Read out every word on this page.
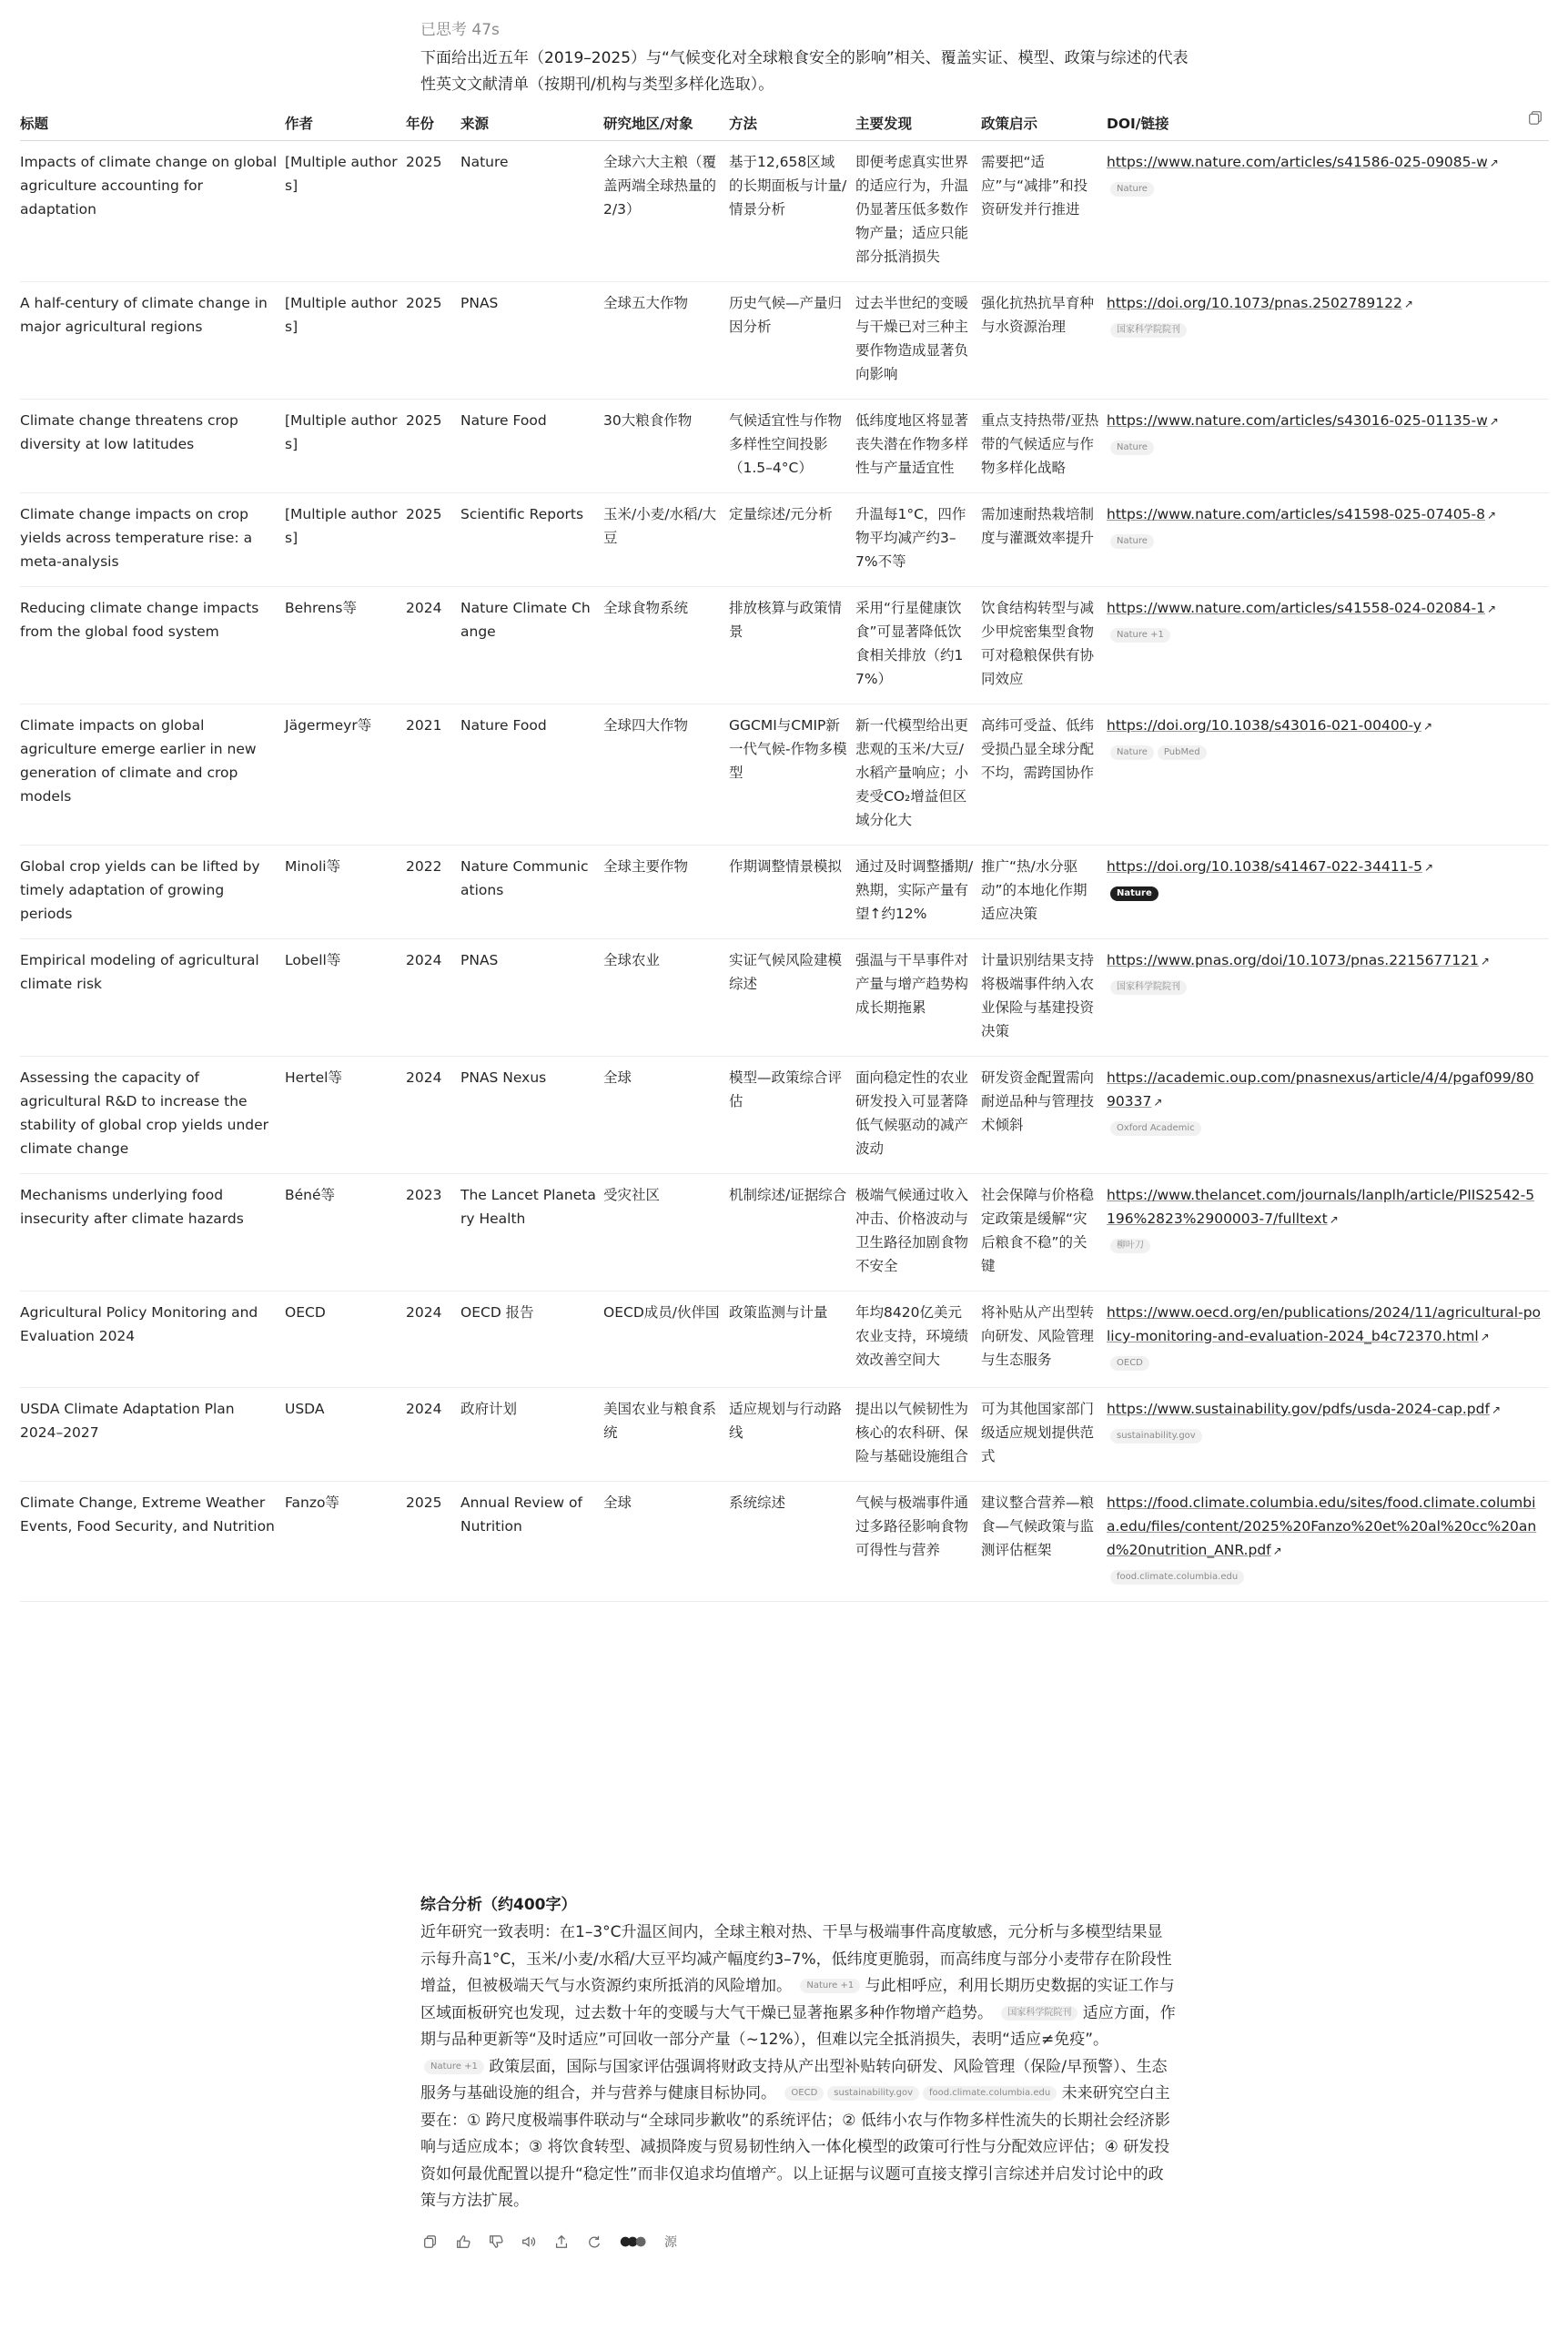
已思考 47s
下面给出近五年（2019–2025）与“气候变化对全球粮食安全的影响”相关、覆盖实证、模型、政策与综述的代表性英文文献清单（按期刊/机构与类型多样化选取）。
标题	作者	年份	来源	研究地区/对象	方法	主要发现	政策启示	DOI/链接
Impacts of climate change on global agriculture accounting for adaptation	[Multiple authors]	2025	Nature	全球六大主粮（覆盖两端全球热量的2/3）	基于12,658区域的长期面板与计量/情景分析	即便考虑真实世界的适应行为，升温仍显著压低多数作物产量；适应只能部分抵消损失	需要把“适应”与“减排”和投资研发并行推进	https://www.nature.com/articles/s41586-025-09085-w ↗
Nature

A half-century of climate change in major agricultural regions	[Multiple authors]	2025	PNAS	全球五大作物	历史气候—产量归因分析	过去半世纪的变暖与干燥已对三种主要作物造成显著负向影响	强化抗热抗旱育种与水资源治理	https://doi.org/10.1073/pnas.2502789122 ↗
国家科学院院刊

Climate change threatens crop diversity at low latitudes	[Multiple authors]	2025	Nature Food	30大粮食作物	气候适宜性与作物多样性空间投影（1.5–4°C）	低纬度地区将显著丧失潜在作物多样性与产量适宜性	重点支持热带/亚热带的气候适应与作物多样化战略	https://www.nature.com/articles/s43016-025-01135-w ↗
Nature

Climate change impacts on crop yields across temperature rise: a meta-analysis	[Multiple authors]	2025	Scientific Reports	玉米/小麦/水稻/大豆	定量综述/元分析	升温每1°C，四作物平均减产约3–7%不等	需加速耐热栽培制度与灌溉效率提升	https://www.nature.com/articles/s41598-025-07405-8 ↗
Nature

Reducing climate change impacts from the global food system	Behrens等	2024	Nature Climate Change	全球食物系统	排放核算与政策情景	采用“行星健康饮食”可显著降低饮食相关排放（约17%）	饮食结构转型与减少甲烷密集型食物可对稳粮保供有协同效应	https://www.nature.com/articles/s41558-024-02084-1 ↗
Nature +1

Climate impacts on global agriculture emerge earlier in new generation of climate and crop models	Jägermeyr等	2021	Nature Food	全球四大作物	GGCMI与CMIP新一代气候-作物多模型	新一代模型给出更悲观的玉米/大豆/水稻产量响应；小麦受CO₂增益但区域分化大	高纬可受益、低纬受损凸显全球分配不均，需跨国协作	https://doi.org/10.1038/s43016-021-00400-y ↗
Nature PubMed

Global crop yields can be lifted by timely adaptation of growing periods	Minoli等	2022	Nature Communications	全球主要作物	作期调整情景模拟	通过及时调整播期/熟期，实际产量有望↑约12%	推广“热/水分驱动”的本地化作期适应决策	https://doi.org/10.1038/s41467-022-34411-5 ↗
Nature

Empirical modeling of agricultural climate risk	Lobell等	2024	PNAS	全球农业	实证气候风险建模综述	强温与干旱事件对产量与增产趋势构成长期拖累	计量识别结果支持将极端事件纳入农业保险与基建投资决策	https://www.pnas.org/doi/10.1073/pnas.2215677121 ↗
国家科学院院刊

Assessing the capacity of agricultural R&D to increase the stability of global crop yields under climate change	Hertel等	2024	PNAS Nexus	全球	模型—政策综合评估	面向稳定性的农业研发投入可显著降低气候驱动的减产波动	研发资金配置需向耐逆品种与管理技术倾斜	https://academic.oup.com/pnasnexus/article/4/4/pgaf099/8090337 ↗
Oxford Academic

Mechanisms underlying food insecurity after climate hazards	Béné等	2023	The Lancet Planetary Health	受灾社区	机制综述/证据综合	极端气候通过收入冲击、价格波动与卫生路径加剧食物不安全	社会保障与价格稳定政策是缓解“灾后粮食不稳”的关键	https://www.thelancet.com/journals/lanplh/article/PIIS2542-5196%2823%2900003-7/fulltext ↗
柳叶刀

Agricultural Policy Monitoring and Evaluation 2024	OECD	2024	OECD 报告	OECD成员/伙伴国	政策监测与计量	年均8420亿美元农业支持，环境绩效改善空间大	将补贴从产出型转向研发、风险管理与生态服务	https://www.oecd.org/en/publications/2024/11/agricultural-policy-monitoring-and-evaluation-2024_b4c72370.html ↗
OECD

USDA Climate Adaptation Plan 2024–2027	USDA	2024	政府计划	美国农业与粮食系统	适应规划与行动路线	提出以气候韧性为核心的农科研、保险与基础设施组合	可为其他国家部门级适应规划提供范式	https://www.sustainability.gov/pdfs/usda-2024-cap.pdf ↗
sustainability.gov

Climate Change, Extreme Weather Events, Food Security, and Nutrition	Fanzo等	2025	Annual Review of Nutrition	全球	系统综述	气候与极端事件通过多路径影响食物可得性与营养	建议整合营养—粮食—气候政策与监测评估框架	https://food.climate.columbia.edu/sites/food.climate.columbia.edu/files/content/2025%20Fanzo%20et%20al%20cc%20and%20nutrition_ANR.pdf ↗
food.climate.columbia.edu
综合分析（约400字）

近年研究一致表明：在1–3°C升温区间内，全球主粮对热、干旱与极端事件高度敏感，元分析与多模型结果显示每升高1°C，玉米/小麦/水稻/大豆平均减产幅度约3–7%，低纬度更脆弱，而高纬度与部分小麦带存在阶段性增益，但被极端天气与水资源约束所抵消的风险增加。 Nature +1 与此相呼应，利用长期历史数据的实证工作与区域面板研究也发现，过去数十年的变暖与大气干燥已显著拖累多种作物增产趋势。 国家科学院院刊 适应方面，作期与品种更新等“及时适应”可回收一部分产量（~12%），但难以完全抵消损失，表明“适应≠免疫”。 Nature +1 政策层面，国际与国家评估强调将财政支持从产出型补贴转向研发、风险管理（保险/早预警）、生态服务与基础设施的组合，并与营养与健康目标协同。 OECD sustainability.gov food.climate.columbia.edu 未来研究空白主要在：① 跨尺度极端事件联动与“全球同步歉收”的系统评估；② 低纬小农与作物多样性流失的长期社会经济影响与适应成本；③ 将饮食转型、减损降废与贸易韧性纳入一体化模型的政策可行性与分配效应评估；④ 研发投资如何最优配置以提升“稳定性”而非仅追求均值增产。以上证据与议题可直接支撑引言综述并启发讨论中的政策与方法扩展。

源
